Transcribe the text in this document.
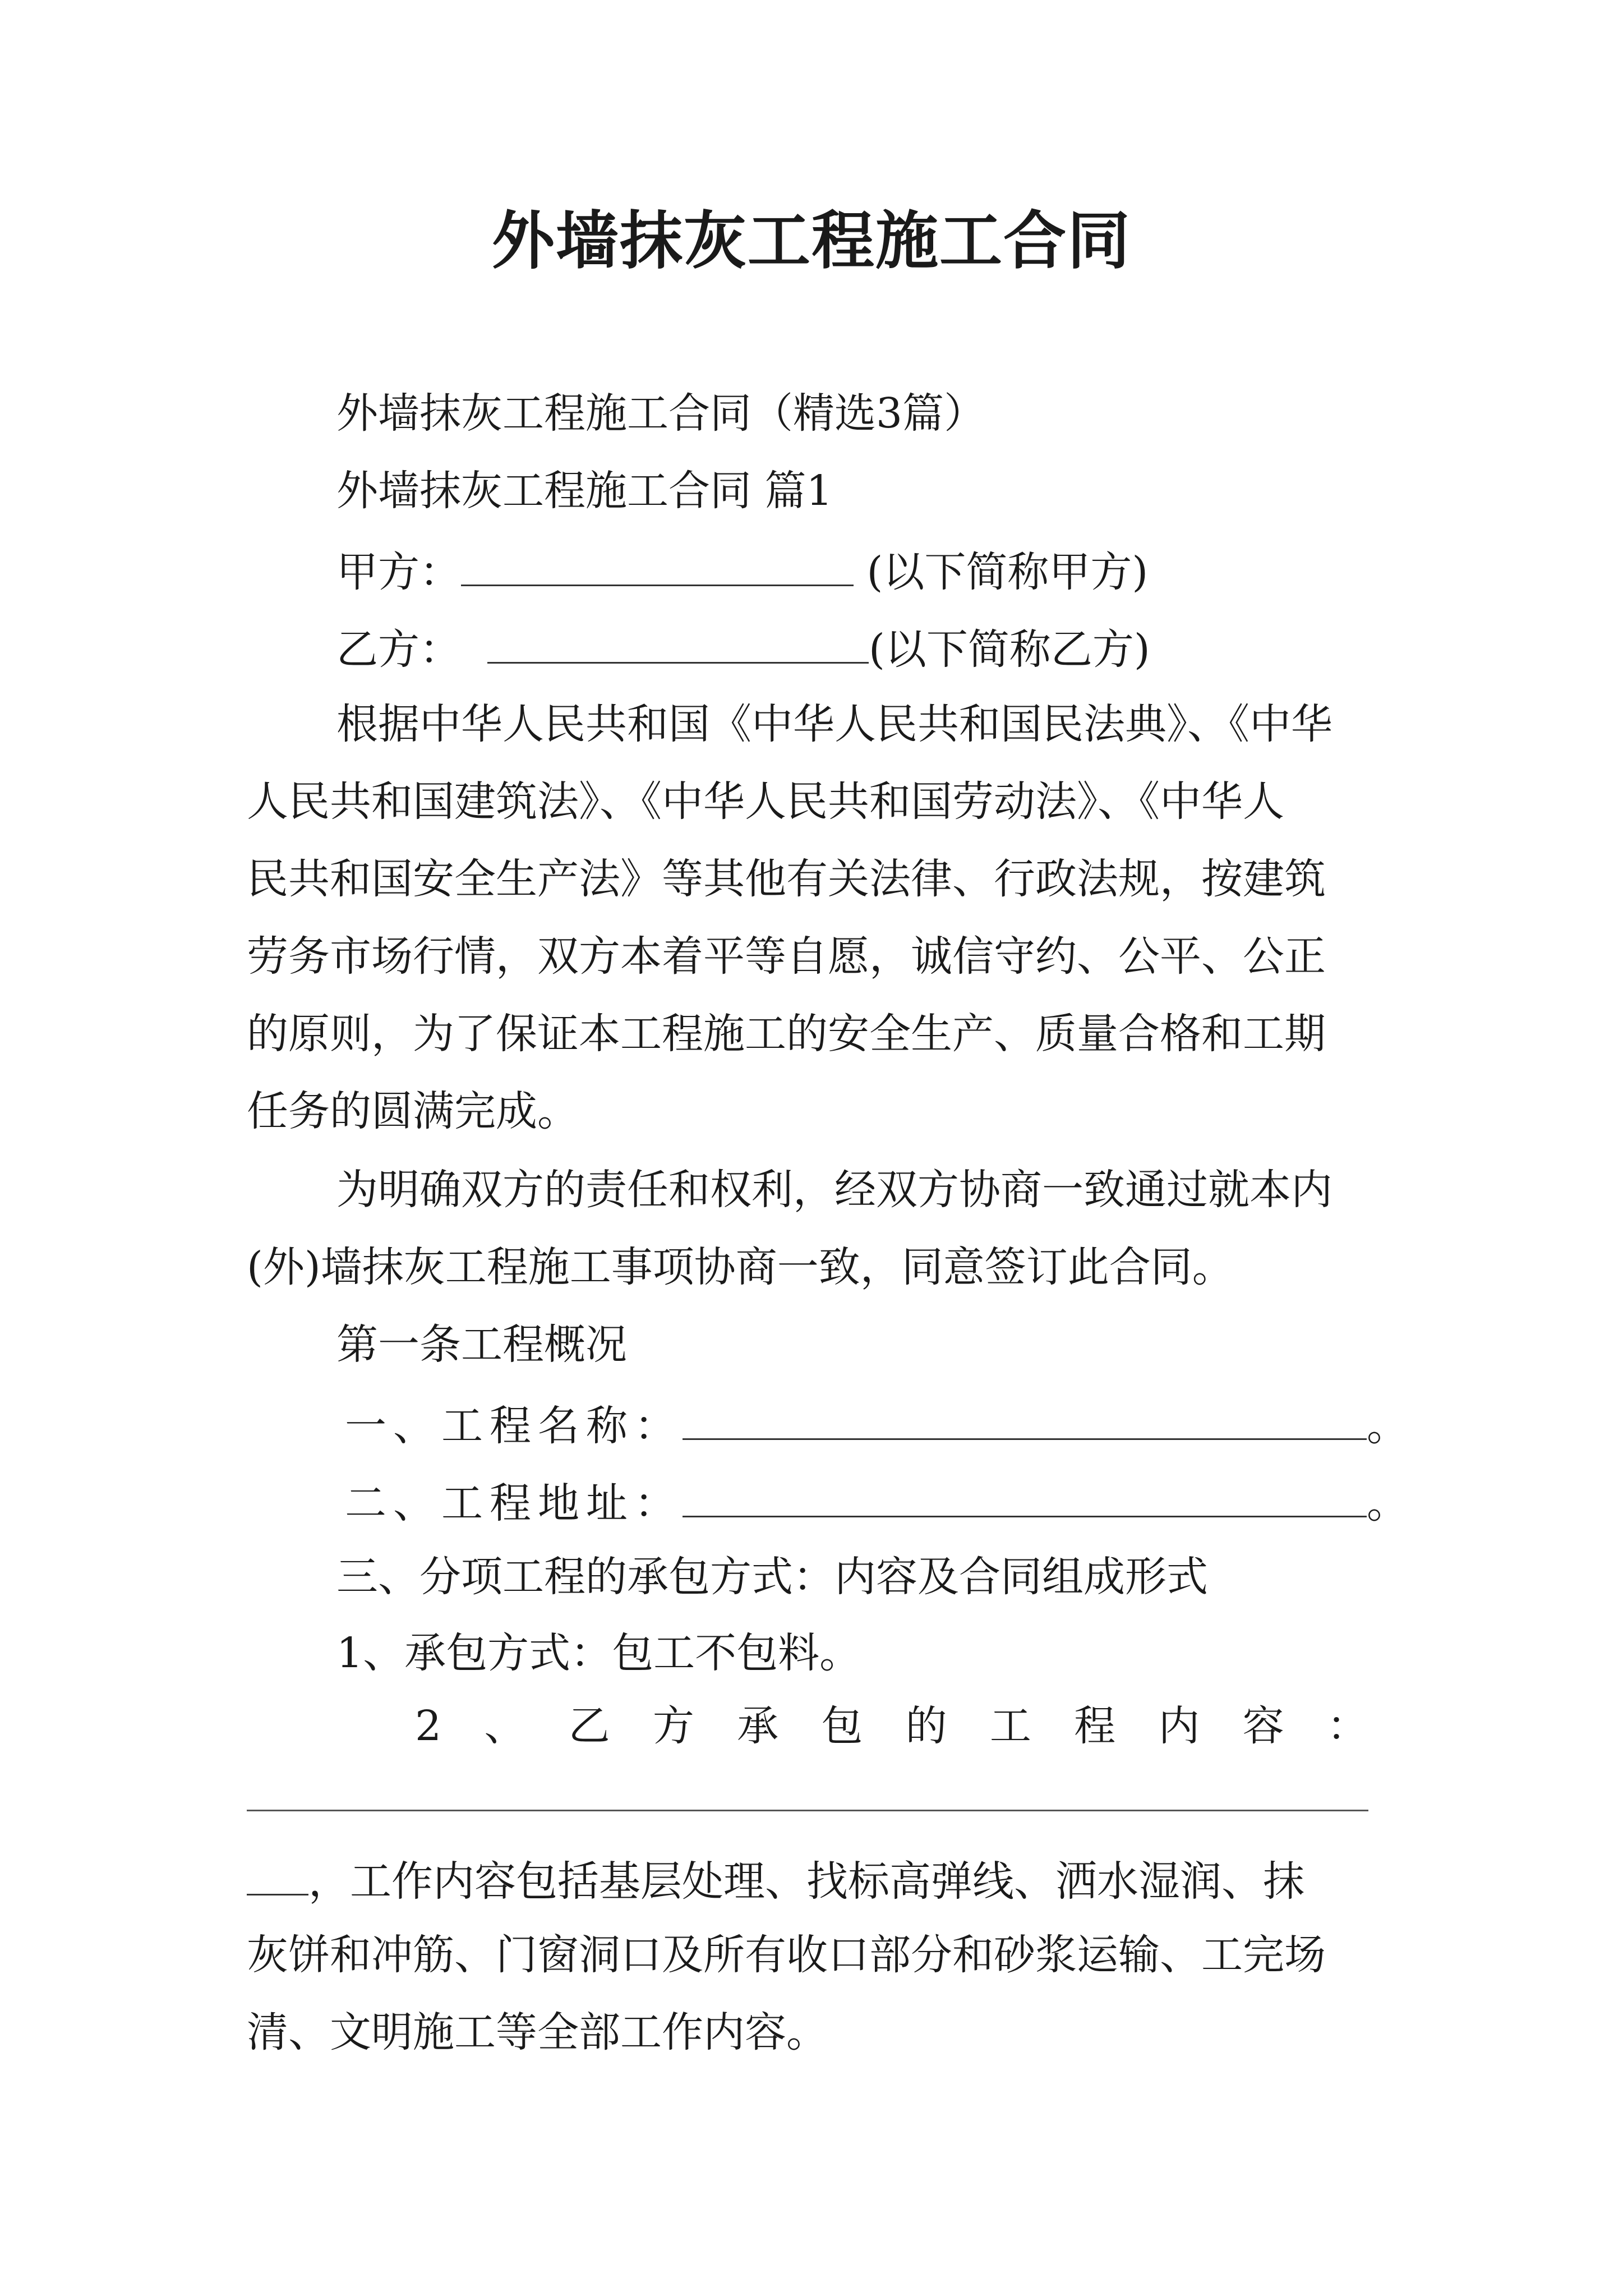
外墙抹灰工程施工合同
外墙抹灰工程施工合同（精选3篇）
外墙抹灰工程施工合同 篇1
甲方：	(以下简称甲方)
乙方：	(以下简称乙方)
根据中华人民共和国《中华人民共和国民法典》、《中华
人民共和国建筑法》、《中华人民共和国劳动法》、《中华人
民共和国安全生产法》等其他有关法律、行政法规，按建筑
劳务市场行情，双方本着平等自愿，诚信守约、公平、公正
的原则，为了保证本工程施工的安全生产、质量合格和工期
任务的圆满完成。
为明确双方的责任和权利，经双方协商一致通过就本内
(外)墙抹灰工程施工事项协商一致，同意签订此合同。
第一条工程概况
一、工程名称：	。
二、工程地址：	。
三、分项工程的承包方式：内容及合同组成形式
1、承包方式：包工不包料。
2 、 乙 方 承 包 的 工 程 内 容 ：
，工作内容包括基层处理、找标高弹线、洒水湿润、抹
灰饼和冲筋、门窗洞口及所有收口部分和砂浆运输、工完场
清、文明施工等全部工作内容。
